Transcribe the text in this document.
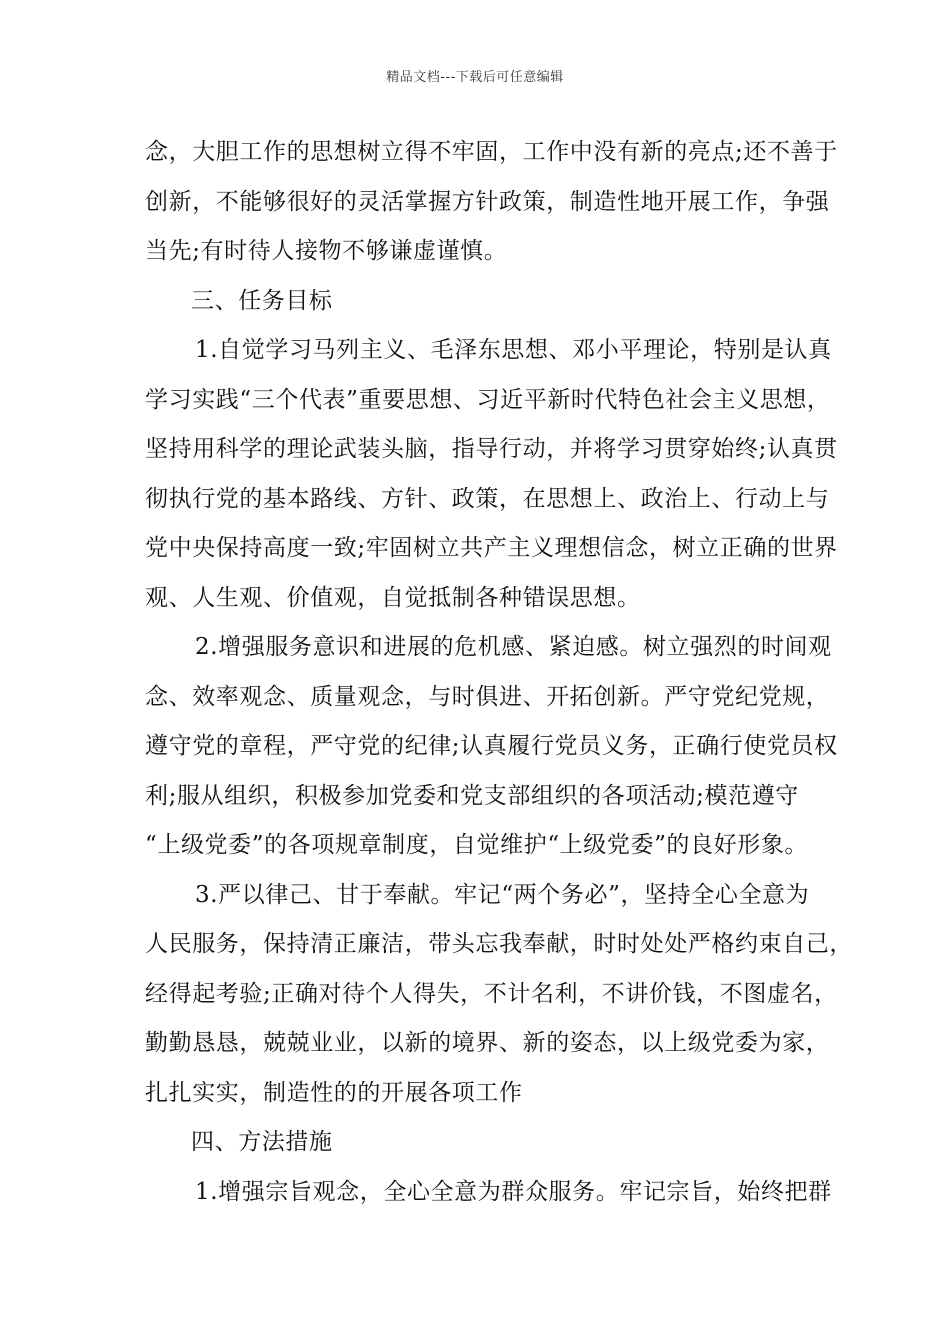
精品文档---下载后可任意编辑
念，大胆工作的思想树立得不牢固，工作中没有新的亮点;还不善于
创新，不能够很好的灵活掌握方针政策，制造性地开展工作，争强
当先;有时待人接物不够谦虚谨慎。
三、任务目标
1.自觉学习马列主义、毛泽东思想、邓小平理论，特别是认真
学习实践“三个代表”重要思想、习近平新时代特色社会主义思想，
坚持用科学的理论武装头脑，指导行动，并将学习贯穿始终;认真贯
彻执行党的基本路线、方针、政策，在思想上、政治上、行动上与
党中央保持高度一致;牢固树立共产主义理想信念，树立正确的世界
观、人生观、价值观，自觉抵制各种错误思想。
2.增强服务意识和进展的危机感、紧迫感。树立强烈的时间观
念、效率观念、质量观念，与时俱进、开拓创新。严守党纪党规，
遵守党的章程，严守党的纪律;认真履行党员义务，正确行使党员权
利;服从组织，积极参加党委和党支部组织的各项活动;模范遵守
“上级党委”的各项规章制度，自觉维护“上级党委”的良好形象。
3.严以律己、甘于奉献。牢记“两个务必”，坚持全心全意为
人民服务，保持清正廉洁，带头忘我奉献，时时处处严格约束自己，
经得起考验;正确对待个人得失，不计名利，不讲价钱，不图虚名，
勤勤恳恳，兢兢业业，以新的境界、新的姿态，以上级党委为家，
扎扎实实，制造性的的开展各项工作
四、方法措施
1.增强宗旨观念，全心全意为群众服务。牢记宗旨，始终把群
